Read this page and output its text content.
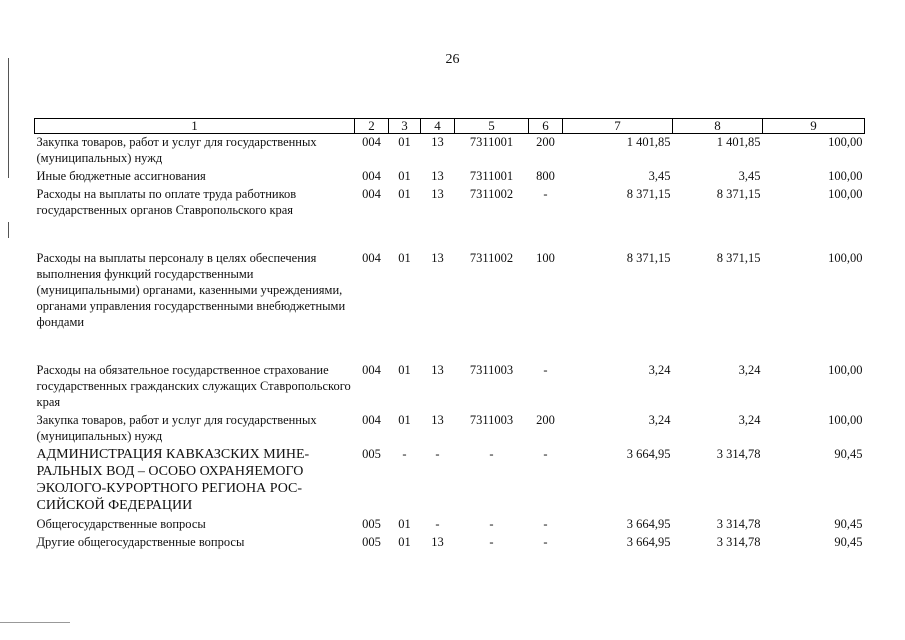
26
1	2	3	4	5	6	7	8	9
Закупка товаров, работ и услуг для государственных (муниципальных) нужд	004	01	13	7311001	200	1 401,85	1 401,85	100,00
Иные бюджетные ассигнования	004	01	13	7311001	800	3,45	3,45	100,00
Расходы на выплаты по оплате труда работников государственных органов Ставропольского края	004	01	13	7311002	-	8 371,15	8 371,15	100,00
Расходы на выплаты персоналу в целях обеспечения выполнения функций государственными (муниципальными) органами, казенными учреждениями, органами управления государственными внебюджетными фондами	004	01	13	7311002	100	8 371,15	8 371,15	100,00
Расходы на обязательное государственное страхование государственных гражданских служащих Ставропольского края	004	01	13	7311003	-	3,24	3,24	100,00
Закупка товаров, работ и услуг для государственных (муниципальных) нужд	004	01	13	7311003	200	3,24	3,24	100,00
АДМИНИСТРАЦИЯ КАВКАЗСКИХ МИНЕ-РАЛЬНЫХ ВОД – ОСОБО ОХРАНЯЕМОГО ЭКОЛОГО-КУРОРТНОГО РЕГИОНА РОС-СИЙСКОЙ ФЕДЕРАЦИИ	005	-	-	-	-	3 664,95	3 314,78	90,45
Общегосударственные вопросы	005	01	-	-	-	3 664,95	3 314,78	90,45
Другие общегосударственные вопросы	005	01	13	-	-	3 664,95	3 314,78	90,45
